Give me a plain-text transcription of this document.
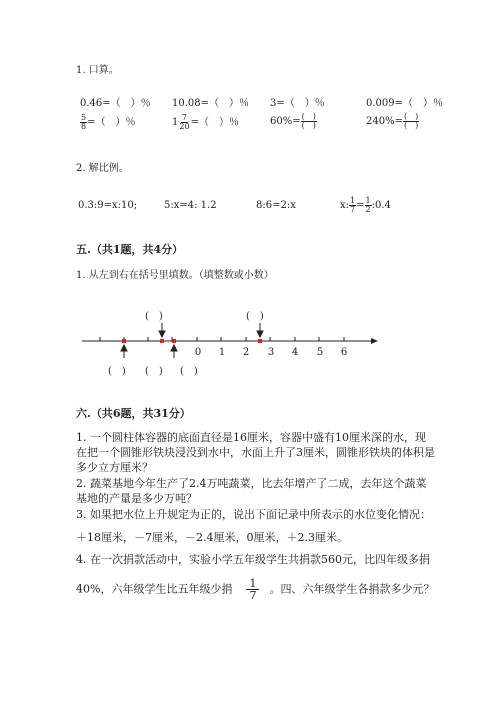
1. 口算。
0.46=（　）％ 10.08=（　）％ 3=（　）％	0.009=（　）％
$\frac{5}{8}$ =（　）％	$1 \frac{7}{20}$ =（　）％	$60\%= \frac{( )}{( )}$	$240\%= \frac{( )}{( )}$
2. 解比例。
0.3:9=x:10;	5:x=4: 1.2	8:6=2:x	x: $\frac{1}{7} = \frac{1}{2}$ :0.4
五.（共1题，共4分）
1. 从左到右在括号里填数。（填整数或小数）
(　)	(　)
(　) (　) (　)
0 1 2 3 4 5 6
六.（共6题，共31分）
1. 一个圆柱体容器的底面直径是16厘米，容器中盛有10厘米深的水，现在把一个圆锥形铁块浸没到水中，水面上升了3厘米，圆锥形铁块的体积是多少立方厘米？
2. 蔬菜基地今年生产了2.4万吨蔬菜，比去年增产了二成，去年这个蔬菜基地的产量是多少万吨？
3. 如果把水位上升规定为正的，说出下面记录中所表示的水位变化情况：
＋18厘米，－7厘米，－2.4厘米，0厘米，＋2.3厘米。
4. 在一次捐款活动中，实验小学五年级学生共捐款560元，比四年级多捐
40%，六年级学生比五年级少捐 $\frac{1}{7}$ 。四、六年级学生各捐款多少元？
